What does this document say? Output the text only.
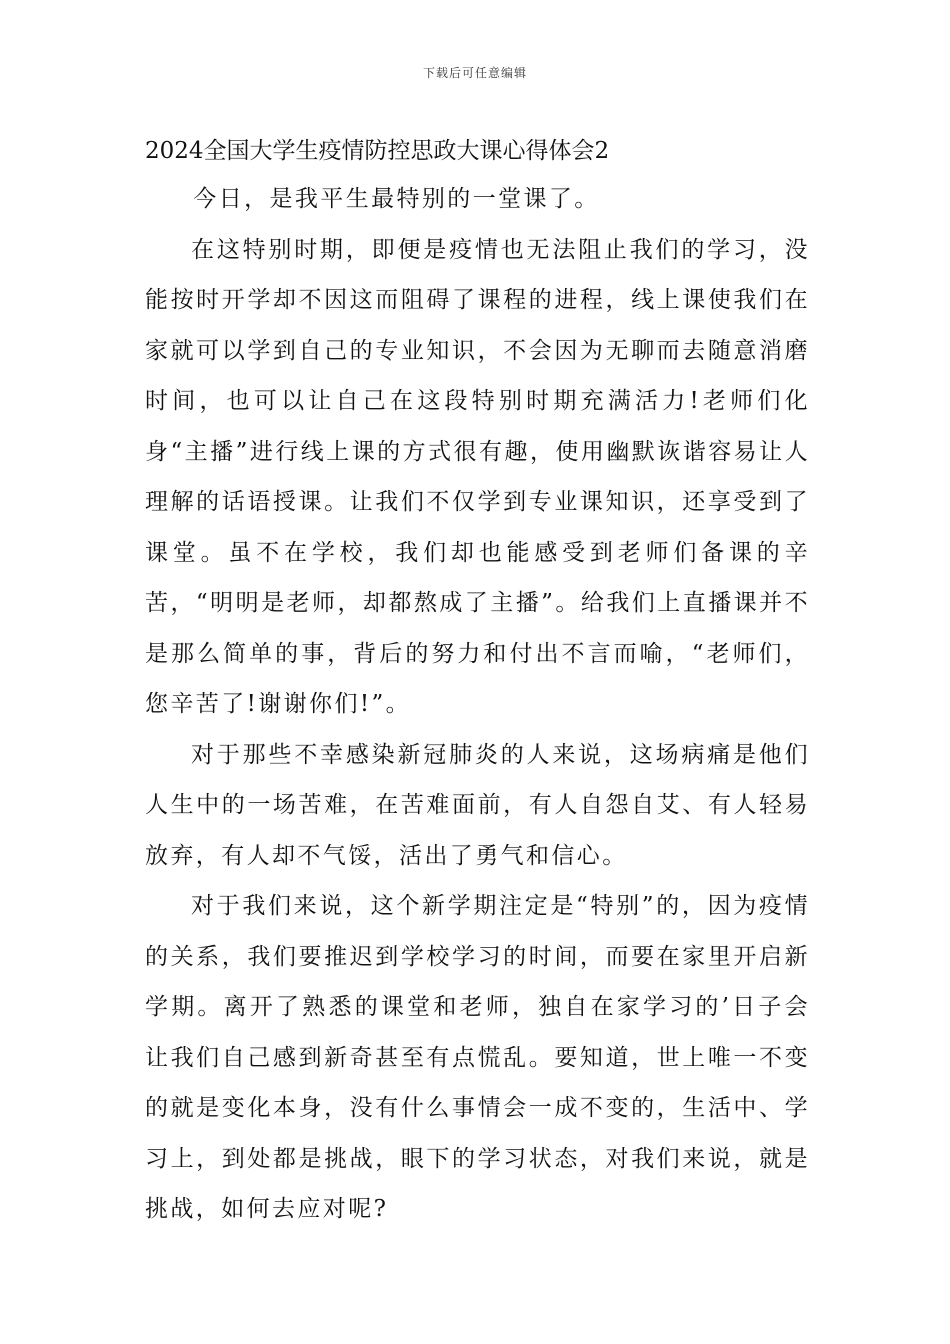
下载后可任意编辑
2024全国大学生疫情防控思政大课心得体会2

今日，是我平生最特别的一堂课了。

在这特别时期，即便是疫情也无法阻止我们的学习，没能按时开学却不因这而阻碍了课程的进程，线上课使我们在家就可以学到自己的专业知识，不会因为无聊而去随意消磨时间，也可以让自己在这段特别时期充满活力!老师们化身“主播”进行线上课的方式很有趣，使用幽默诙谐容易让人理解的话语授课。让我们不仅学到专业课知识，还享受到了课堂。虽不在学校，我们却也能感受到老师们备课的辛苦，“明明是老师，却都熬成了主播”。给我们上直播课并不是那么简单的事，背后的努力和付出不言而喻，“老师们，您辛苦了!谢谢你们!”。

对于那些不幸感染新冠肺炎的人来说，这场病痛是他们人生中的一场苦难，在苦难面前，有人自怨自艾、有人轻易放弃，有人却不气馁，活出了勇气和信心。

对于我们来说，这个新学期注定是“特别”的，因为疫情的关系，我们要推迟到学校学习的时间，而要在家里开启新学期。离开了熟悉的课堂和老师，独自在家学习的’日子会让我们自己感到新奇甚至有点慌乱。要知道，世上唯一不变的就是变化本身，没有什么事情会一成不变的，生活中、学习上，到处都是挑战，眼下的学习状态，对我们来说，就是挑战，如何去应对呢?
